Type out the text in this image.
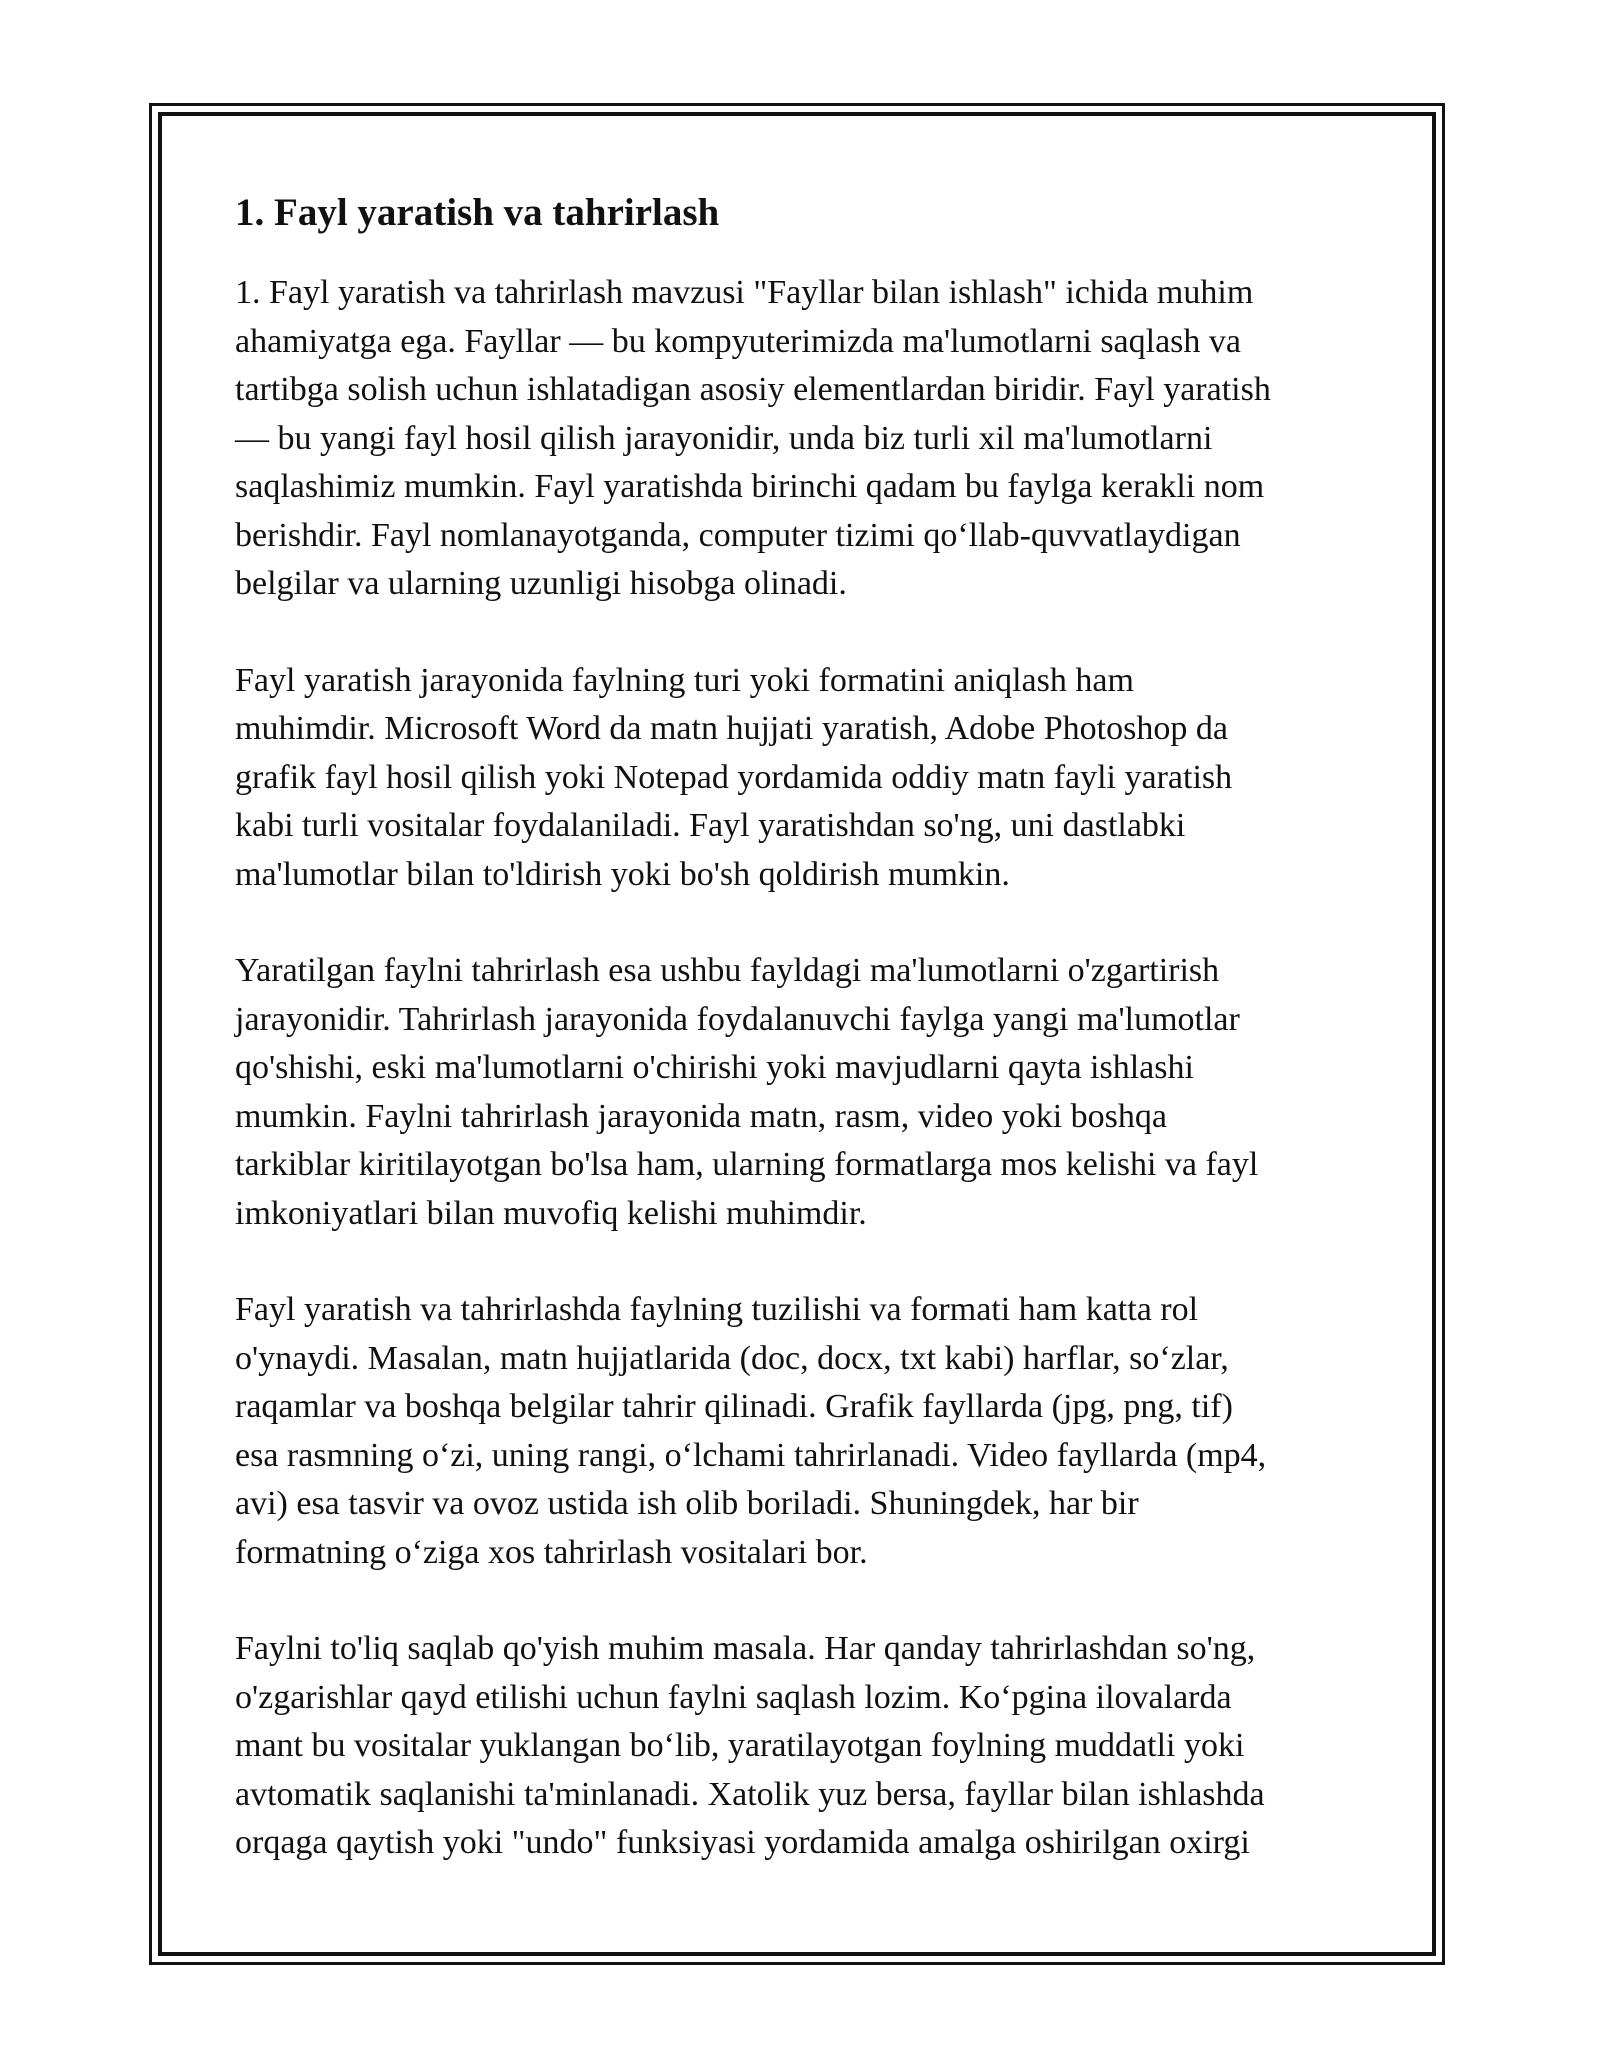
1. Fayl yaratish va tahrirlash
1. Fayl yaratish va tahrirlash mavzusi "Fayllar bilan ishlash" ichida muhim
ahamiyatga ega. Fayllar — bu kompyuterimizda ma'lumotlarni saqlash va
tartibga solish uchun ishlatadigan asosiy elementlardan biridir. Fayl yaratish
— bu yangi fayl hosil qilish jarayonidir, unda biz turli xil ma'lumotlarni
saqlashimiz mumkin. Fayl yaratishda birinchi qadam bu faylga kerakli nom
berishdir. Fayl nomlanayotganda, computer tizimi qo‘llab-quvvatlaydigan
belgilar va ularning uzunligi hisobga olinadi.
Fayl yaratish jarayonida faylning turi yoki formatini aniqlash ham
muhimdir. Microsoft Word da matn hujjati yaratish, Adobe Photoshop da
grafik fayl hosil qilish yoki Notepad yordamida oddiy matn fayli yaratish
kabi turli vositalar foydalaniladi. Fayl yaratishdan so'ng, uni dastlabki
ma'lumotlar bilan to'ldirish yoki bo'sh qoldirish mumkin.
Yaratilgan faylni tahrirlash esa ushbu fayldagi ma'lumotlarni o'zgartirish
jarayonidir. Tahrirlash jarayonida foydalanuvchi faylga yangi ma'lumotlar
qo'shishi, eski ma'lumotlarni o'chirishi yoki mavjudlarni qayta ishlashi
mumkin. Faylni tahrirlash jarayonida matn, rasm, video yoki boshqa
tarkiblar kiritilayotgan bo'lsa ham, ularning formatlarga mos kelishi va fayl
imkoniyatlari bilan muvofiq kelishi muhimdir.
Fayl yaratish va tahrirlashda faylning tuzilishi va formati ham katta rol
o'ynaydi. Masalan, matn hujjatlarida (doc, docx, txt kabi) harflar, so‘zlar,
raqamlar va boshqa belgilar tahrir qilinadi. Grafik fayllarda (jpg, png, tif)
esa rasmning o‘zi, uning rangi, o‘lchami tahrirlanadi. Video fayllarda (mp4,
avi) esa tasvir va ovoz ustida ish olib boriladi. Shuningdek, har bir
formatning o‘ziga xos tahrirlash vositalari bor.
Faylni to'liq saqlab qo'yish muhim masala. Har qanday tahrirlashdan so'ng,
o'zgarishlar qayd etilishi uchun faylni saqlash lozim. Ko‘pgina ilovalarda
mant bu vositalar yuklangan bo‘lib, yaratilayotgan foylning muddatli yoki
avtomatik saqlanishi ta'minlanadi. Xatolik yuz bersa, fayllar bilan ishlashda
orqaga qaytish yoki "undo" funksiyasi yordamida amalga oshirilgan oxirgi
